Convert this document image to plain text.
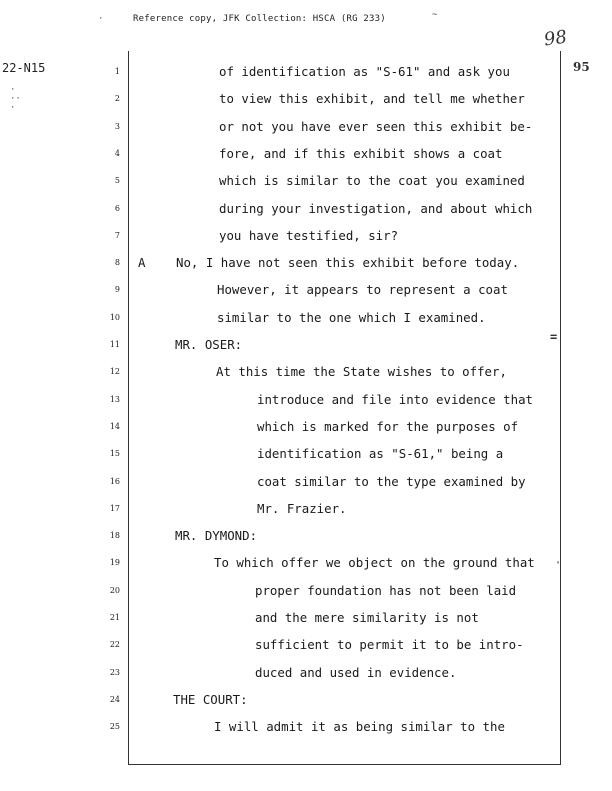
·	Reference copy, JFK Collection: HSCA (RG 233)	~
22-N15
·
··
·
98
95
=
'
1	of identification as "S-61" and ask you
2	to view this exhibit, and tell me whether
3	or not you have ever seen this exhibit be-
4	fore, and if this exhibit shows a coat
5	which is similar to the coat you examined
6	during your investigation, and about which
7	you have testified, sir?
8 A No, I have not seen this exhibit before today.
9	However, it appears to represent a coat
10	similar to the one which I examined.
11	MR. OSER:
12	At this time the State wishes to offer,
13	introduce and file into evidence that
14	which is marked for the purposes of
15	identification as "S-61," being a
16	coat similar to the type examined by
17	Mr. Frazier.
18	MR. DYMOND:
19	To which offer we object on the ground that
20	proper foundation has not been laid
21	and the mere similarity is not
22	sufficient to permit it to be intro-
23	duced and used in evidence.
24	THE COURT:
25	I will admit it as being similar to the
